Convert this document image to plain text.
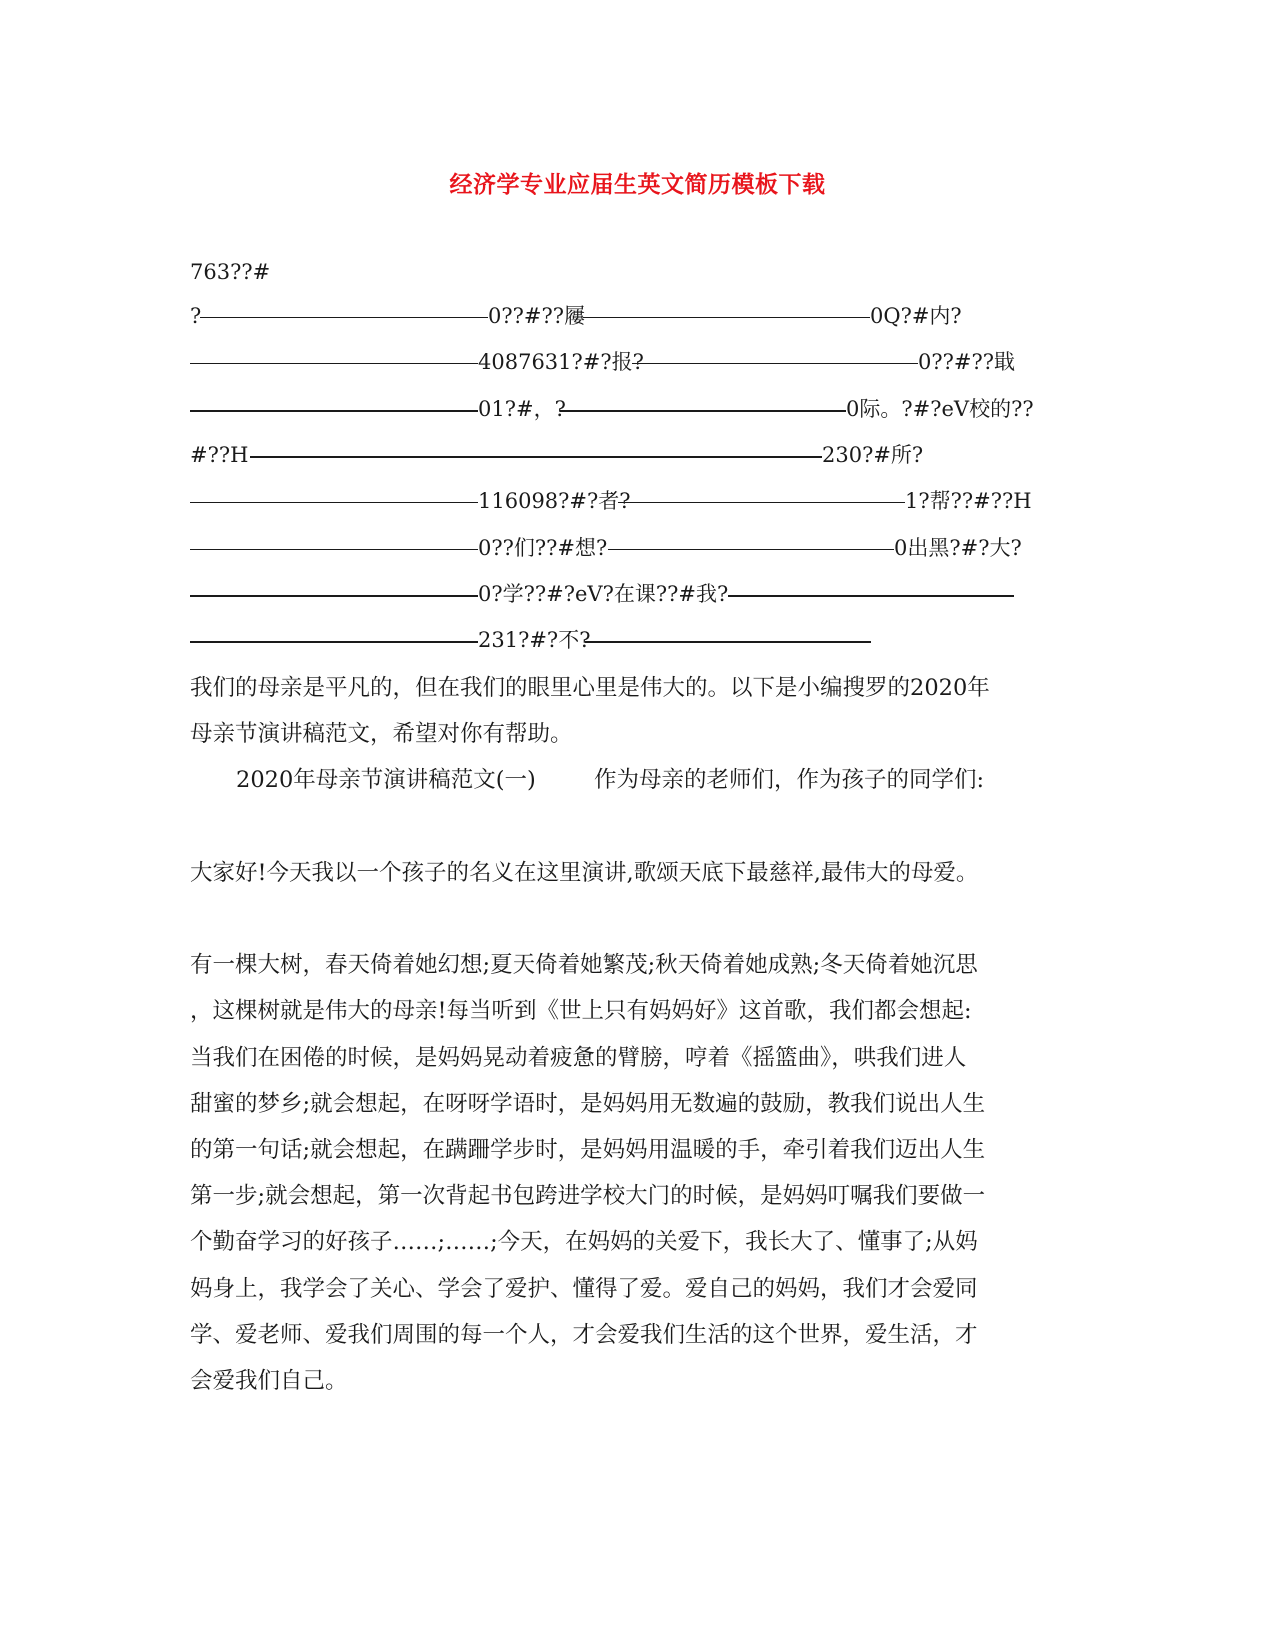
经济学专业应届生英文简历模板下载
763??#
?	0??#??屨	0Q?#内?
4087631?#?报?	0??#??戢
01?#，?	0际。?#?eV校的??
#??H	230?#所?
116098?#?者?	1?帮??#??H
0??们??#想?	0出黑?#?大?
0?学??#?eV?在课??#我?
231?#?不?
我们的母亲是平凡的，但在我们的眼里心里是伟大的。以下是小编搜罗的2020年
母亲节演讲稿范文，希望对你有帮助。
2020年母亲节演讲稿范文(一)	作为母亲的老师们，作为孩子的同学们:
大家好!今天我以一个孩子的名义在这里演讲,歌颂天底下最慈祥,最伟大的母爱。
有一棵大树，春天倚着她幻想;夏天倚着她繁茂;秋天倚着她成熟;冬天倚着她沉思
，这棵树就是伟大的母亲!每当听到《世上只有妈妈好》这首歌，我们都会想起:
当我们在困倦的时候，是妈妈晃动着疲惫的臂膀，哼着《摇篮曲》，哄我们进人
甜蜜的梦乡;就会想起，在呀呀学语时，是妈妈用无数遍的鼓励，教我们说出人生
的第一句话;就会想起，在蹒跚学步时，是妈妈用温暖的手，牵引着我们迈出人生
第一步;就会想起，第一次背起书包跨进学校大门的时候，是妈妈叮嘱我们要做一
个勤奋学习的好孩子……;……;今天，在妈妈的关爱下，我长大了、懂事了;从妈
妈身上，我学会了关心、学会了爱护、懂得了爱。爱自己的妈妈，我们才会爱同
学、爱老师、爱我们周围的每一个人，才会爱我们生活的这个世界，爱生活，才
会爱我们自己。
